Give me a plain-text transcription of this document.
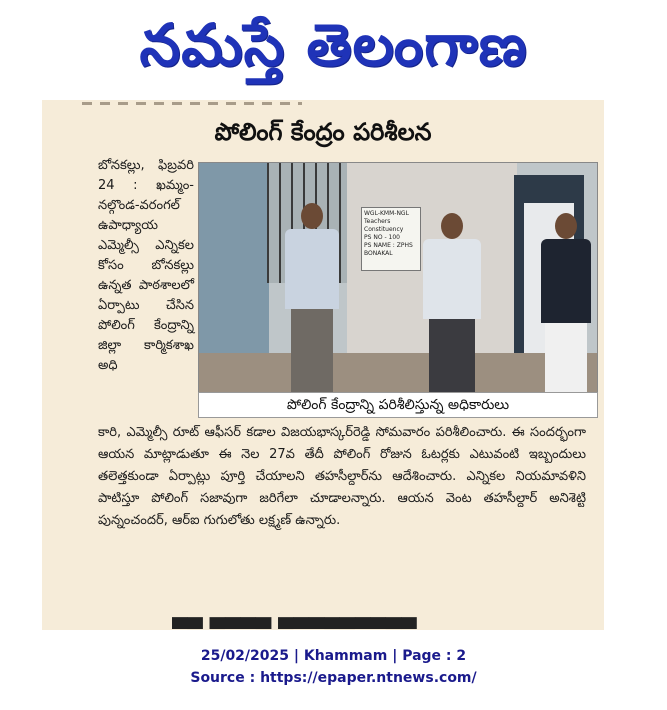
నమస్తే తెలంగాణ
పోలింగ్ కేంద్రం పరిశీలన
బోనకల్లు, ఫిబ్రవరి 24 : ఖమ్మం-నల్గొండ-వరంగల్ ఉపాధ్యాయ ఎమ్మెల్సీ ఎన్నికల కోసం బోనకల్లు ఉన్నత పాఠశాలలో ఏర్పాటు చేసిన పోలింగ్ కేంద్రాన్ని జిల్లా కార్మికశాఖ అధి
WGL-KMM-NGL
Teachers Constituency
PS NO - 100
PS NAME : ZPHS
BONAKAL
పోలింగ్ కేంద్రాన్ని పరిశీలిస్తున్న అధికారులు
కారి, ఎమ్మెల్సీ రూట్ ఆఫీసర్ కడాల విజయభాస్కర్‌రెడ్డి సోమవారం పరిశీలించారు. ఈ సందర్భంగా ఆయన మాట్లాడుతూ ఈ నెల 27వ తేదీ పోలింగ్ రోజున ఓటర్లకు ఎటువంటి ఇబ్బందులు తలెత్తకుండా ఏర్పాట్లు పూర్తి చేయాలని తహసీల్దార్‌ను ఆదేశించారు. ఎన్నికల నియమావళిని పాటిస్తూ పోలింగ్ సజావుగా జరిగేలా చూడాలన్నారు. ఆయన వెంట తహసీల్దార్ అనిశెట్టి పున్నంచందర్, ఆర్ఐ గుగులోతు లక్ష్మణ్ ఉన్నారు.
▀▀ ▀▀▀▀ ▀▀▀▀▀▀▀▀▀
25/02/2025 | Khammam | Page : 2
Source : https://epaper.ntnews.com/
